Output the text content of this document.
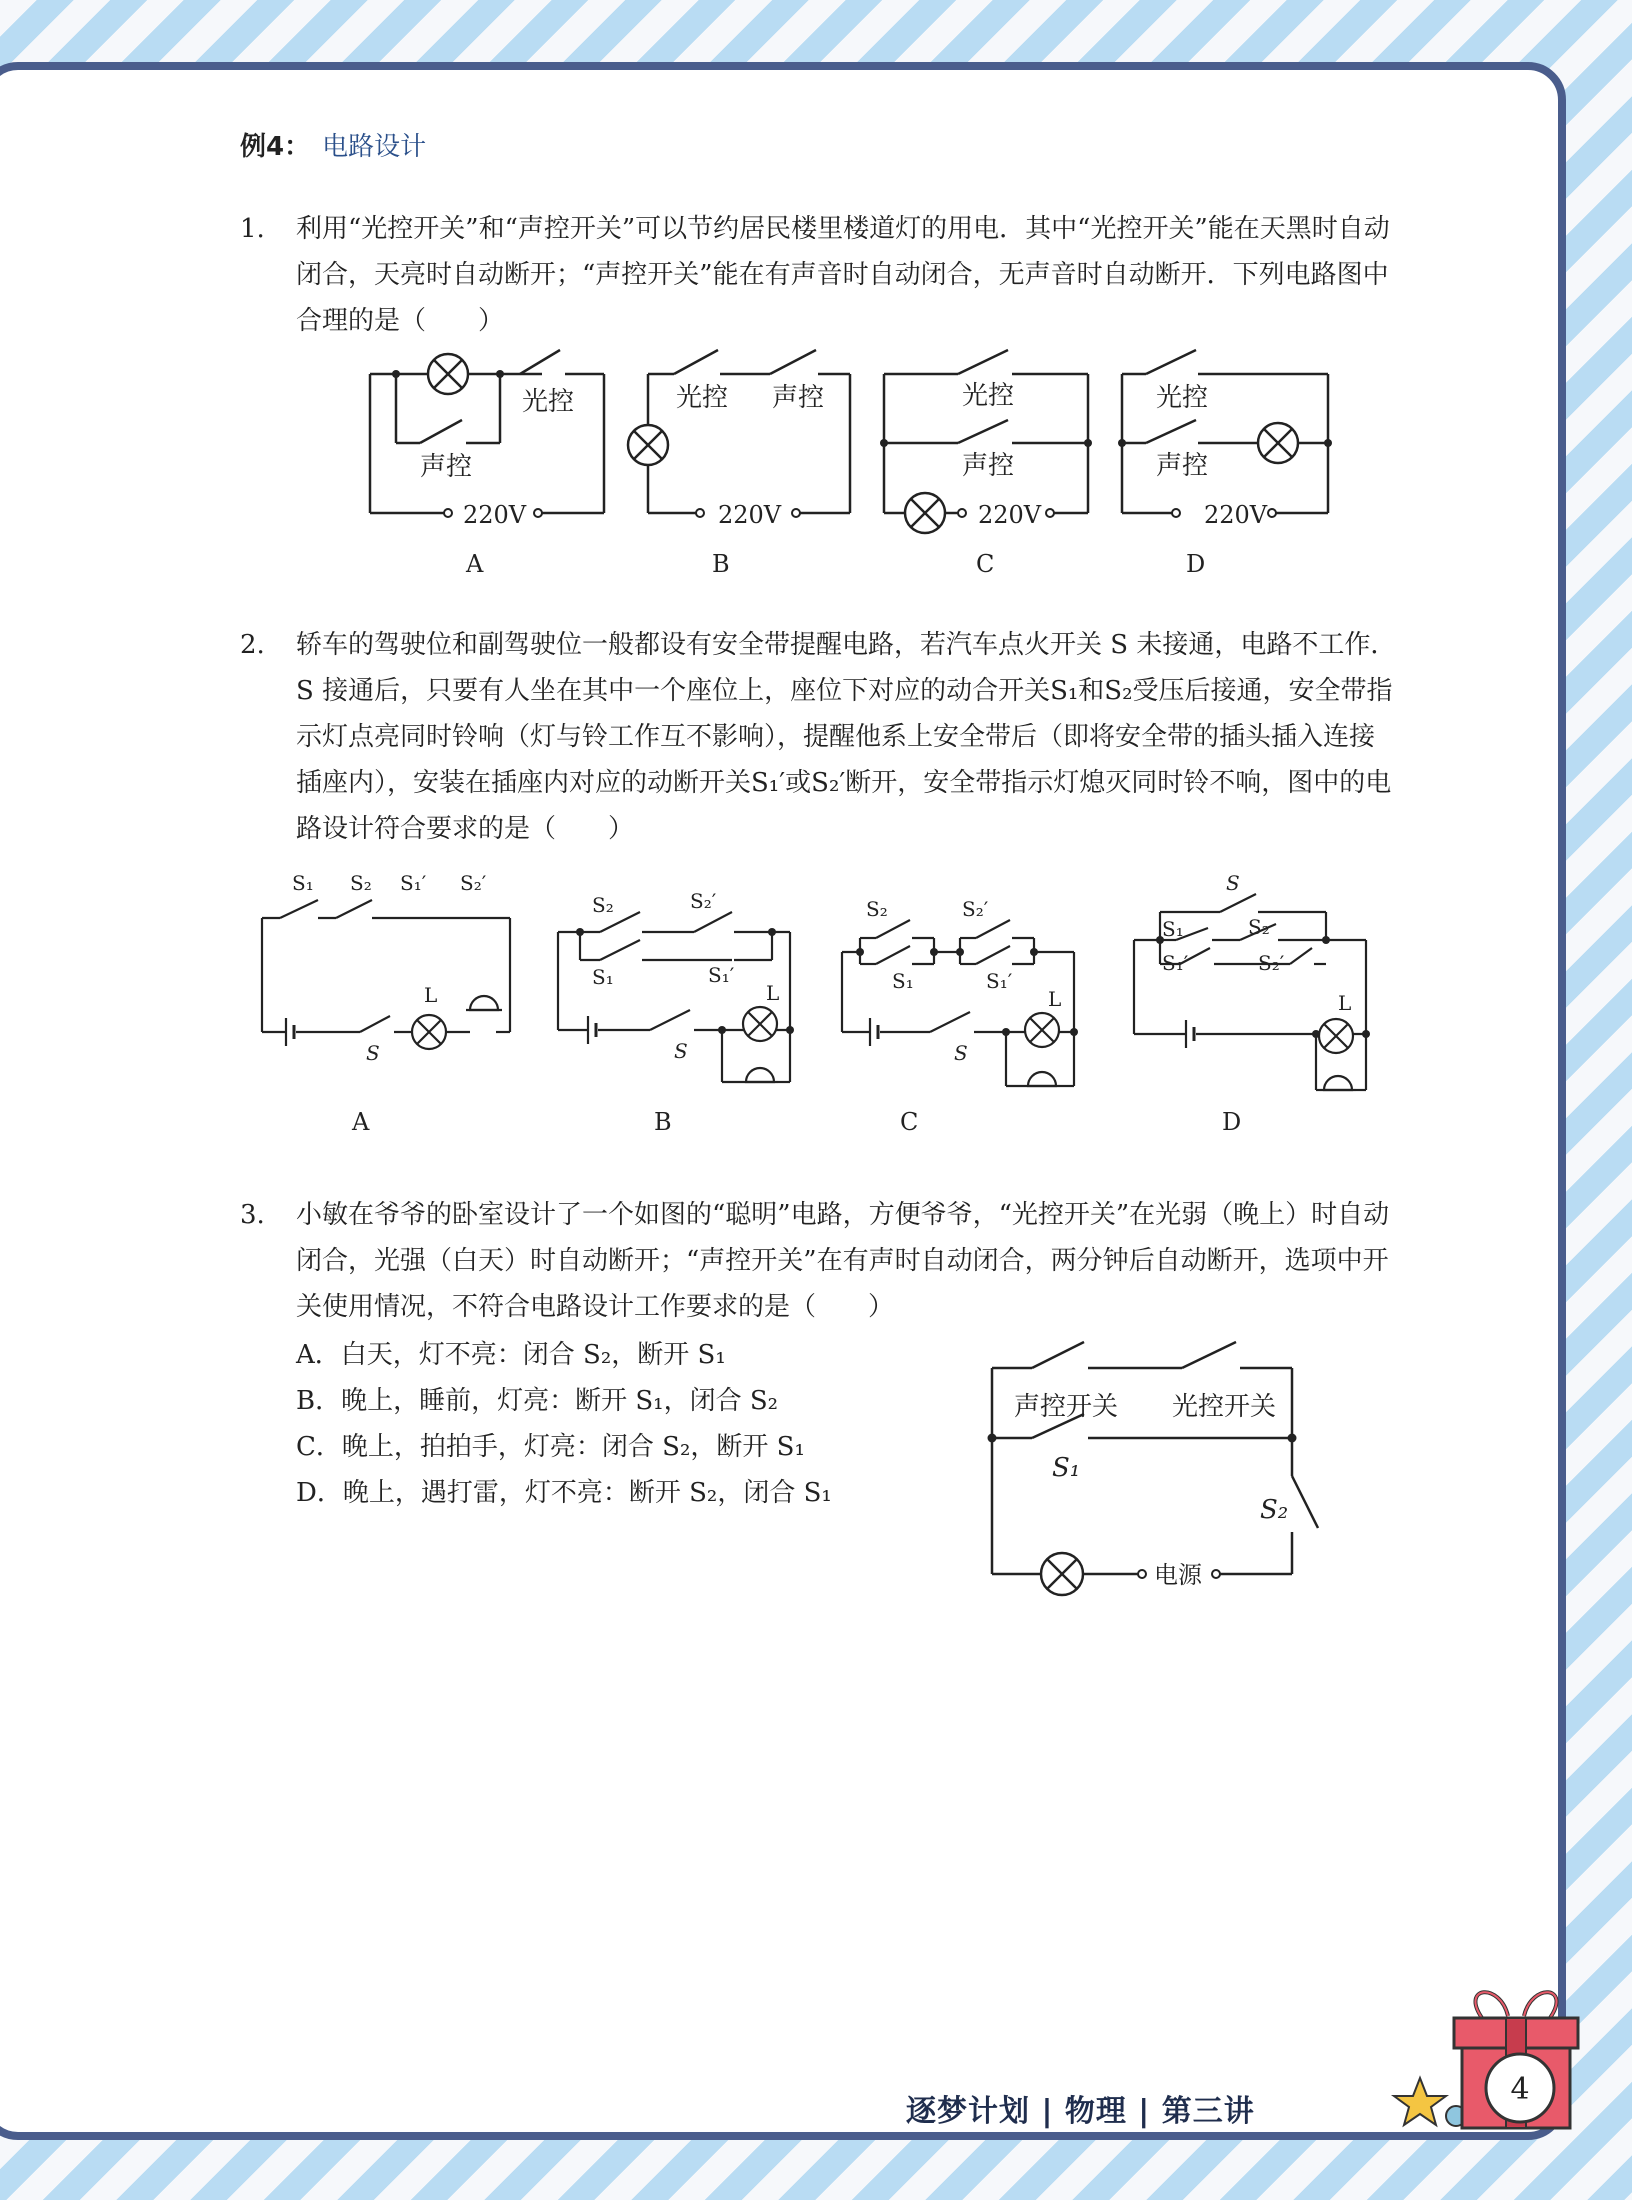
例4： 电路设计
1.	利用“光控开关”和“声控开关”可以节约居民楼里楼道灯的用电．其中“光控开关”能在天黑时自动闭合，天亮时自动断开；“声控开关”能在有声音时自动闭合，无声音时自动断开．下列电路图中合理的是（　　）
光控
声控
220V
光控 声控
220V
光控
声控
220V
光控
声控
220V
A	B	C	D
2.	轿车的驾驶位和副驾驶位一般都设有安全带提醒电路，若汽车点火开关 S 未接通，电路不工作．S 接通后，只要有人坐在其中一个座位上，座位下对应的动合开关S₁和S₂受压后接通，安全带指示灯点亮同时铃响（灯与铃工作互不影响），提醒他系上安全带后（即将安全带的插头插入连接插座内），安装在插座内对应的动断开关S₁′或S₂′断开，安全带指示灯熄灭同时铃不响，图中的电路设计符合要求的是（　　）
S₁ S₂ S₁′ S₂′
S
L
S₂	S₂′
S₁	S₁′
S
L
S₂	S₂′
S₁	S₁′
S
L
S
S₁	S₂
S₁′	S₂′
L
A	B	C	D
3.	小敏在爷爷的卧室设计了一个如图的“聪明”电路，方便爷爷，“光控开关”在光弱（晚上）时自动闭合，光强（白天）时自动断开；“声控开关”在有声时自动闭合，两分钟后自动断开，选项中开关使用情况，不符合电路设计工作要求的是（　　）
A．白天，灯不亮：闭合 S₂，断开 S₁
B．晚上，睡前，灯亮：断开 S₁，闭合 S₂
C．晚上，拍拍手，灯亮：闭合 S₂，断开 S₁
D．晚上，遇打雷，灯不亮：断开 S₂，闭合 S₁
声控开关 光控开关
S₁
S₂
电源
逐梦计划 | 物理 | 第三讲
4
